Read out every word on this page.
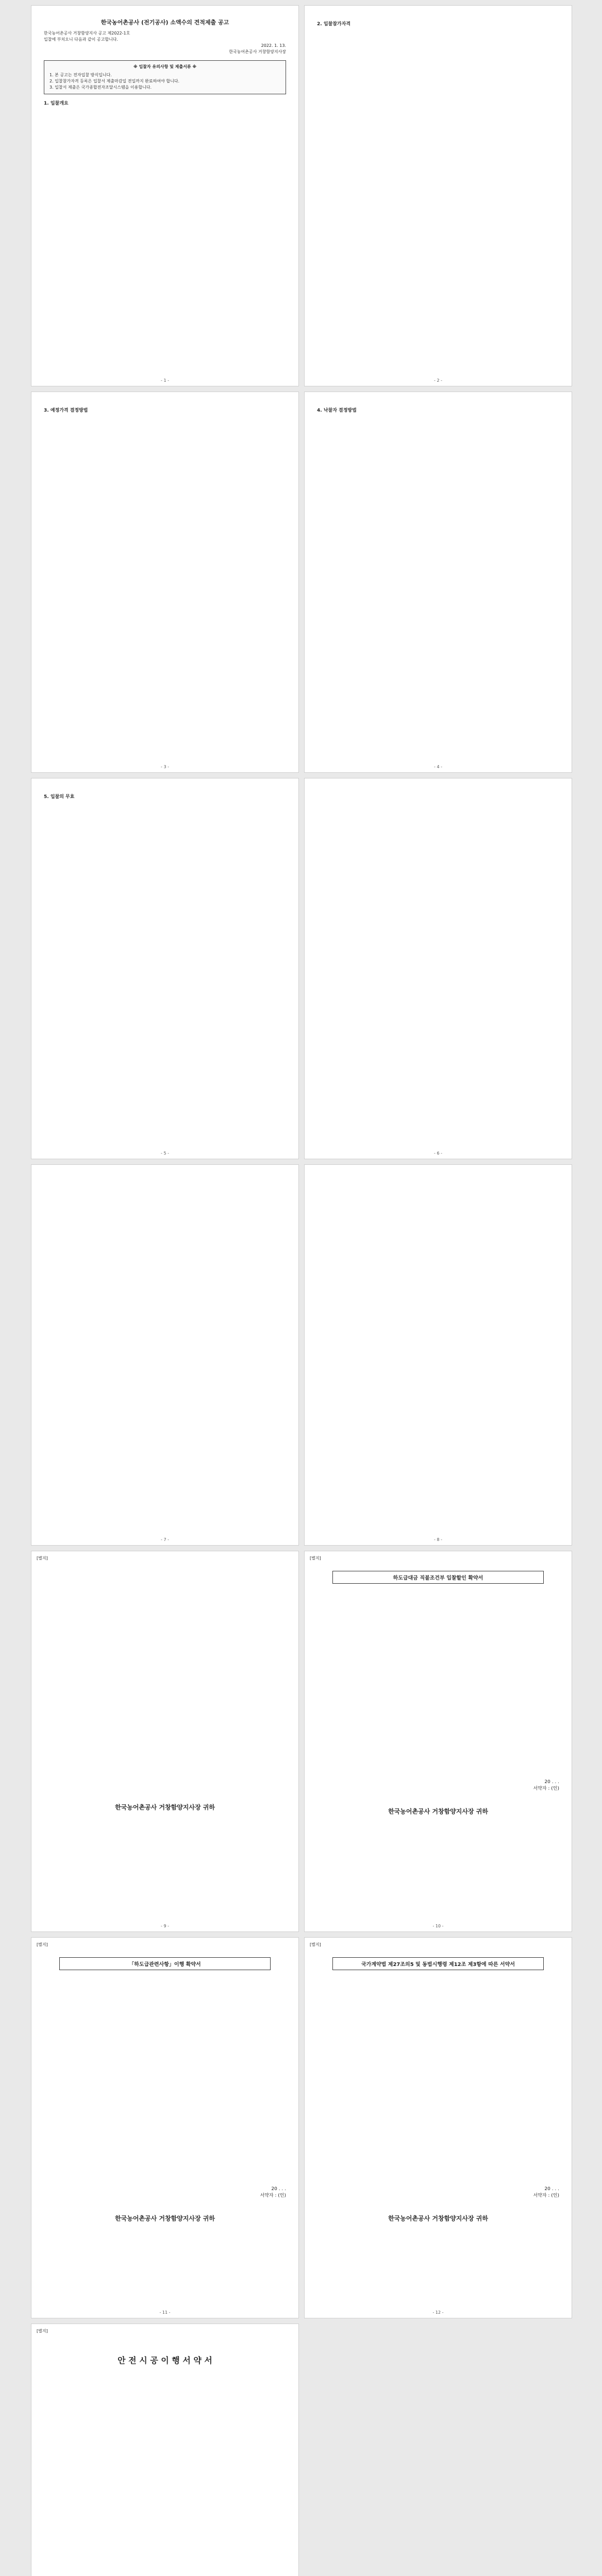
한국농어촌공사 (전기공사) 소액수의 견적제출 공고
한국농어촌공사 거창함양지사 공고 제2022-1호
입찰에 부치오니 다음과 같이 공고합니다.
2022. 1. 13.
한국농어촌공사 거창함양지사장
※ 입찰자 유의사항 및 제출서류 ※
1. 본 공고는 전자입찰 방식입니다.
2. 입찰참가자격 등록은 입찰서 제출마감일 전일까지 완료하여야 합니다.
3. 입찰서 제출은 국가종합전자조달시스템을 이용합니다.
1. 입찰개요
- 1 -
2. 입찰참가자격
- 2 -
3. 예정가격 결정방법
- 3 -
4. 낙찰자 결정방법
- 4 -
5. 입찰의 무효
- 5 -	- 6 -
- 7 -	- 8 -
[별지]
한국농어촌공사 거창함양지사장 귀하
- 9 -
[별지]
하도급대금 직불조건부 입찰할인 확약서
20 . . .
서약자 : (인)
한국농어촌공사 거창함양지사장 귀하
- 10 -
[별지]
「하도급관련사항」이행 확약서
20 . . .
서약자 : (인)
한국농어촌공사 거창함양지사장 귀하
- 11 -
[별지]
국가계약법 제27조의5 및 동법시행령 제12조 제3항에 따른 서약서
20 . . .
서약자 : (인)
한국농어촌공사 거창함양지사장 귀하
- 12 -
[별지]
안 전 시 공 이 행 서 약 서
